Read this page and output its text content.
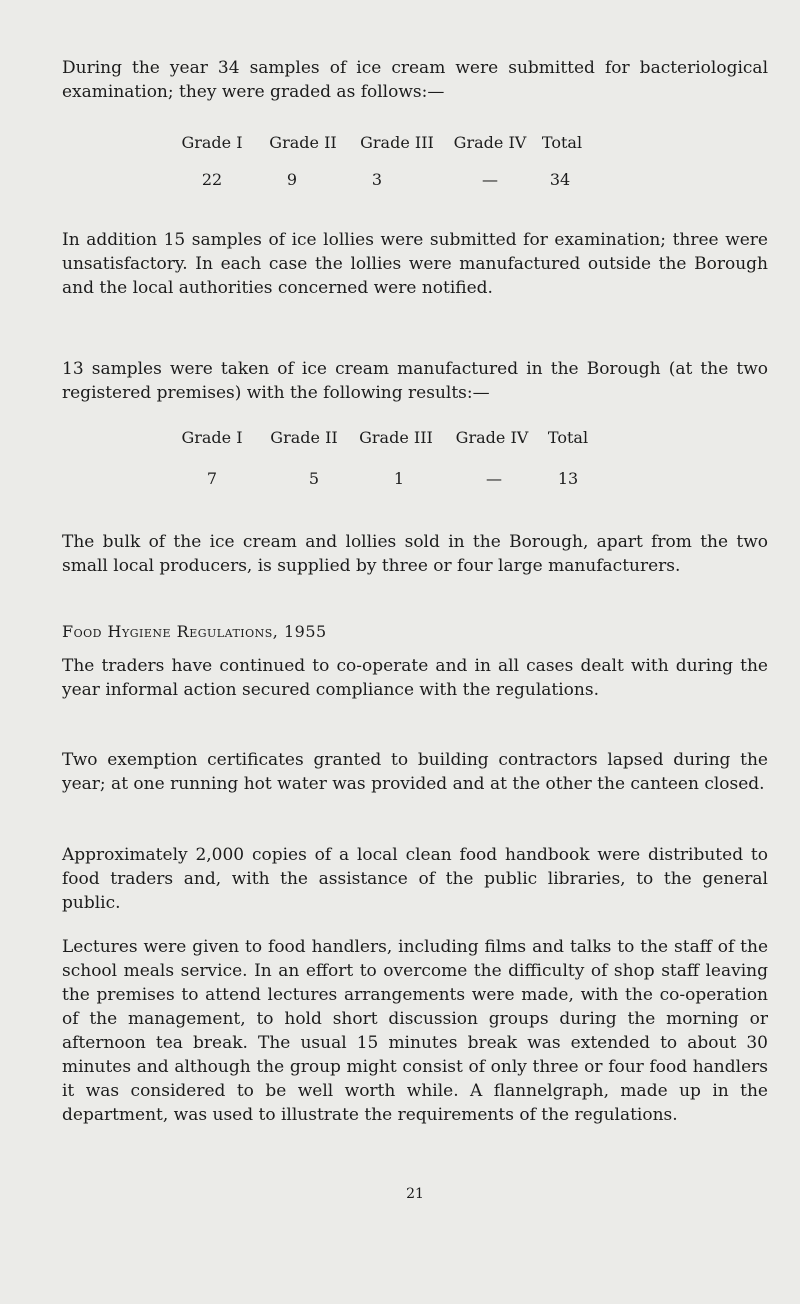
During the year 34 samples of ice cream were submitted for bacteriological examination; they were graded as follows:—

Grade I	Grade II	Grade III	Grade IV Total
22	9	3	—	34

In addition 15 samples of ice lollies were submitted for examination; three were unsatisfactory. In each case the lollies were manufactured outside the Borough and the local authorities concerned were notified.

13 samples were taken of ice cream manufactured in the Borough (at the two registered premises) with the following results:—

Grade I	Grade II	Grade III	Grade IV	Total
7	5	1	—	13

The bulk of the ice cream and lollies sold in the Borough, apart from the two small local producers, is supplied by three or four large manufacturers.

Food Hygiene Regulations, 1955

The traders have continued to co-operate and in all cases dealt with during the year informal action secured compliance with the regulations.

Two exemption certificates granted to building contractors lapsed during the year; at one running hot water was provided and at the other the canteen closed.

Approximately 2,000 copies of a local clean food handbook were distributed to food traders and, with the assistance of the public libraries, to the general public.

Lectures were given to food handlers, including films and talks to the staff of the school meals service. In an effort to overcome the difficulty of shop staff leaving the premises to attend lectures arrangements were made, with the co-operation of the management, to hold short discussion groups during the morning or afternoon tea break. The usual 15 minutes break was extended to about 30 minutes and although the group might consist of only three or four food handlers it was considered to be well worth while. A flannelgraph, made up in the department, was used to illustrate the requirements of the regulations.

21
